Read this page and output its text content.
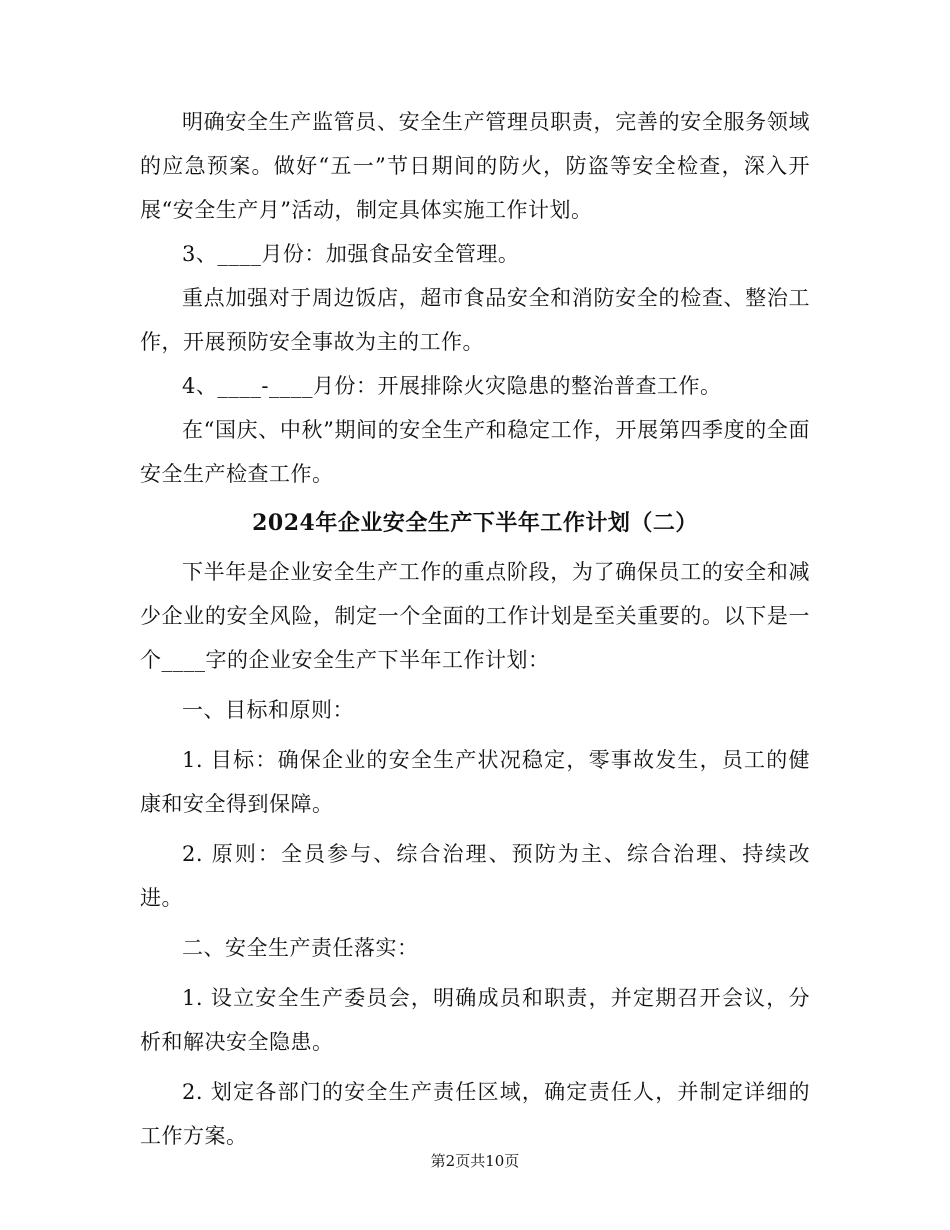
明确安全生产监管员、安全生产管理员职责，完善的安全服务领域的应急预案。做好“五一”节日期间的防火，防盗等安全检查，深入开展“安全生产月”活动，制定具体实施工作计划。

3、____月份：加强食品安全管理。

重点加强对于周边饭店，超市食品安全和消防安全的检查、整治工作，开展预防安全事故为主的工作。

4、____-____月份：开展排除火灾隐患的整治普查工作。

在“国庆、中秋”期间的安全生产和稳定工作，开展第四季度的全面安全生产检查工作。

2024年企业安全生产下半年工作计划（二）

下半年是企业安全生产工作的重点阶段，为了确保员工的安全和减少企业的安全风险，制定一个全面的工作计划是至关重要的。以下是一个____字的企业安全生产下半年工作计划：

一、目标和原则：

1. 目标：确保企业的安全生产状况稳定，零事故发生，员工的健康和安全得到保障。

2. 原则：全员参与、综合治理、预防为主、综合治理、持续改进。

二、安全生产责任落实：

1. 设立安全生产委员会，明确成员和职责，并定期召开会议，分析和解决安全隐患。

2. 划定各部门的安全生产责任区域，确定责任人，并制定详细的工作方案。

第2页共10页
